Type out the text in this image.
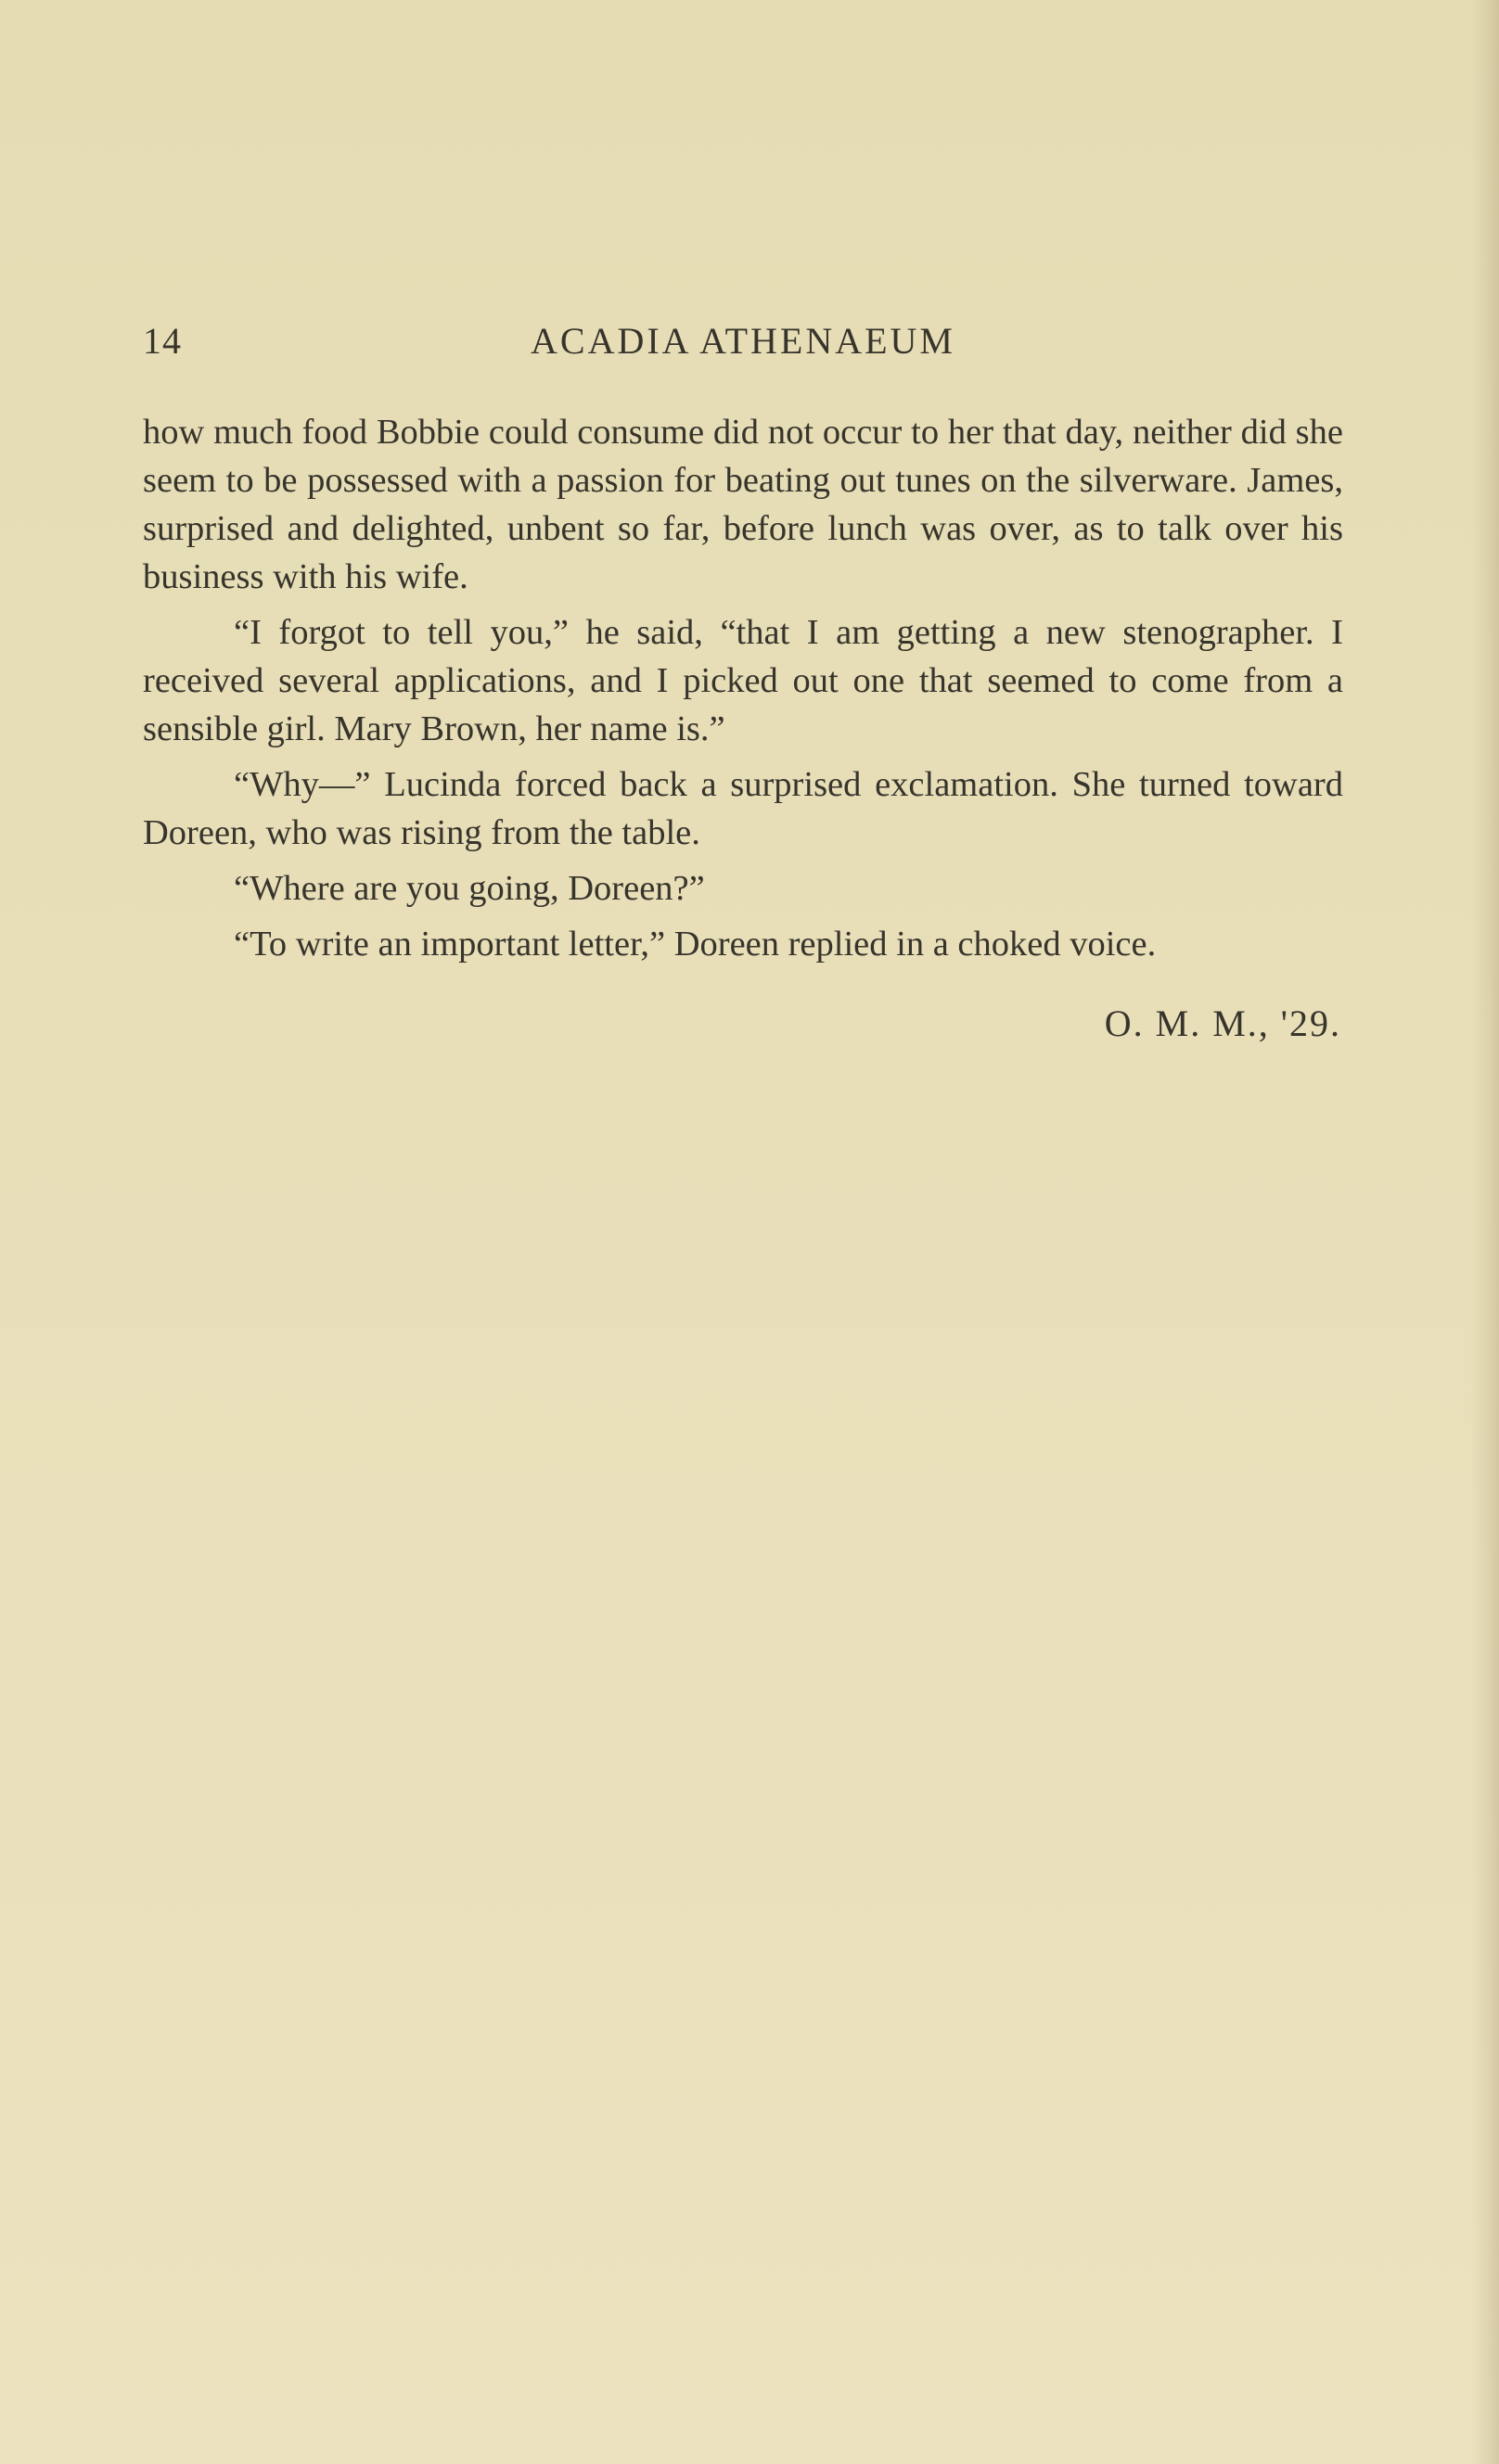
14	ACADIA ATHENAEUM

how much food Bobbie could consume did not occur to her that day, neither did she seem to be possessed with a passion for beating out tunes on the silverware. James, surprised and delighted, unbent so far, before lunch was over, as to talk over his business with his wife.

“I forgot to tell you,” he said, “that I am getting a new stenographer. I received several applications, and I picked out one that seemed to come from a sensible girl. Mary Brown, her name is.”

“Why—” Lucinda forced back a surprised exclamation. She turned toward Doreen, who was rising from the table.

“Where are you going, Doreen?”

“To write an important letter,” Doreen replied in a choked voice.

O. M. M., '29.
